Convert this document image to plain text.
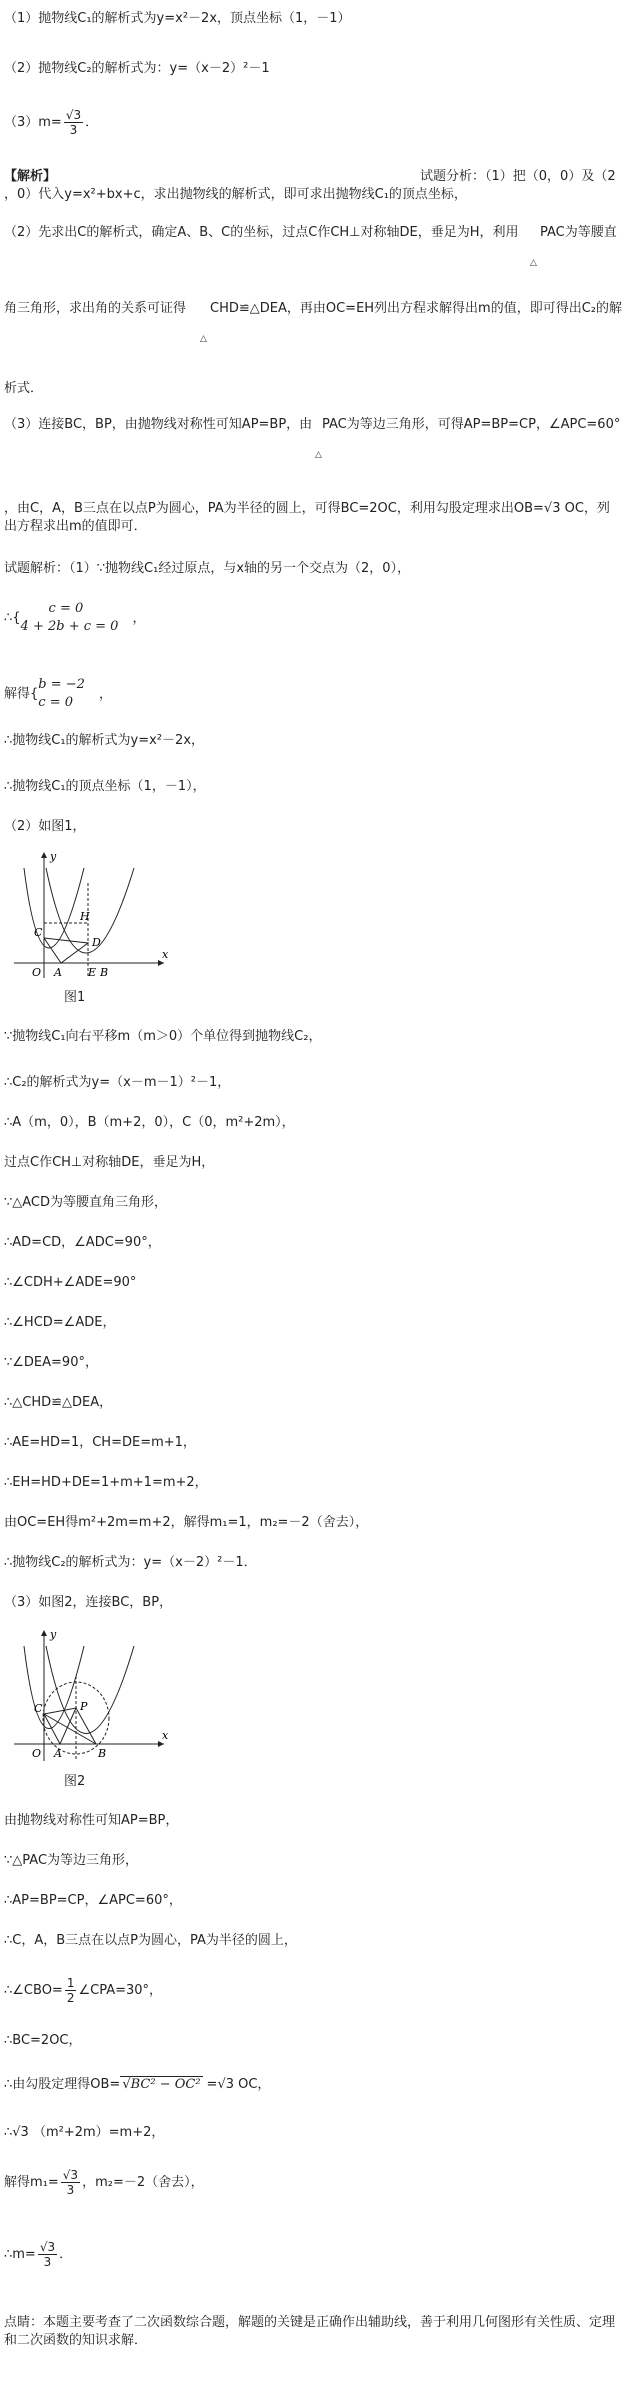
（1）抛物线C₁的解析式为y=x²－2x，顶点坐标（1，－1）
（2）抛物线C₂的解析式为：y=（x－2）²－1
$(3)m= \frac{√3}{3}$ ．
【解析】	试题分析：（1）把（0，0）及（2
，0）代入y=x²+bx+c，求出抛物线的解析式，即可求出抛物线C₁的顶点坐标，
（2）先求出C的解析式，确定A、B、C的坐标，过点C作CH⊥对称轴DE，垂足为H，利用	PAC为等腰直
△
角三角形，求出角的关系可证得	CHD≌△DEA，再由OC=EH列出方程求解得出m的值，即可得出C₂的解
△
析式．
（3）连接BC，BP，由抛物线对称性可知AP=BP，由 PAC为等边三角形，可得AP=BP=CP，∠APC=60°
△
，由C，A，B三点在以点P为圆心，PA为半径的圆上，可得BC=2OC，利用勾股定理求出OB=√3 OC，列
出方程求出m的值即可．
试题解析：（1）∵抛物线C₁经过原点，与x轴的另一个交点为（2，0），
∴{
c = 0
4 + 2b + c = 0
，
解得{
b = −2
c = 0
，
∴抛物线C₁的解析式为y=x²－2x，
∴抛物线C₁的顶点坐标（1，－1），
（2）如图1，
y
x
O A	B
C
D
H
E
图1
∵抛物线C₁向右平移m（m＞0）个单位得到抛物线C₂，
∴C₂的解析式为y=（x－m－1）²－1，
∴A（m，0），B（m+2，0），C（0，m²+2m），
过点C作CH⊥对称轴DE，垂足为H，
∵△ACD为等腰直角三角形，
∴AD=CD，∠ADC=90°，
∴∠CDH+∠ADE=90°
∴∠HCD=∠ADE，
∵∠DEA=90°，
∴△CHD≌△DEA，
∴AE=HD=1，CH=DE=m+1，
∴EH=HD+DE=1+m+1=m+2，
由OC=EH得m²+2m=m+2，解得m₁=1，m₂=－2（舍去），
∴抛物线C₂的解析式为：y=（x－2）²－1．
（3）如图2，连接BC，BP，
y
x
O A	B
C	P
图2
由抛物线对称性可知AP=BP，
∵△PAC为等边三角形，
∴AP=BP=CP，∠APC=60°，
∴C，A，B三点在以点P为圆心，PA为半径的圆上，
∴∠CBO= $\frac{1}{2}$ ∠CPA=30°，
∴BC=2OC，
∴由勾股定理得OB= √BC² − OC² =√3 OC，
∴√3 （m²+2m）=m+2，
解得$m_1= \frac{√3}{3}$ ，m₂=－2（舍去），
∴m= $\frac{√3}{3}$ ．
点睛：本题主要考查了二次函数综合题，解题的关键是正确作出辅助线，善于利用几何图形有关性质、定理和二次函数的知识求解．
